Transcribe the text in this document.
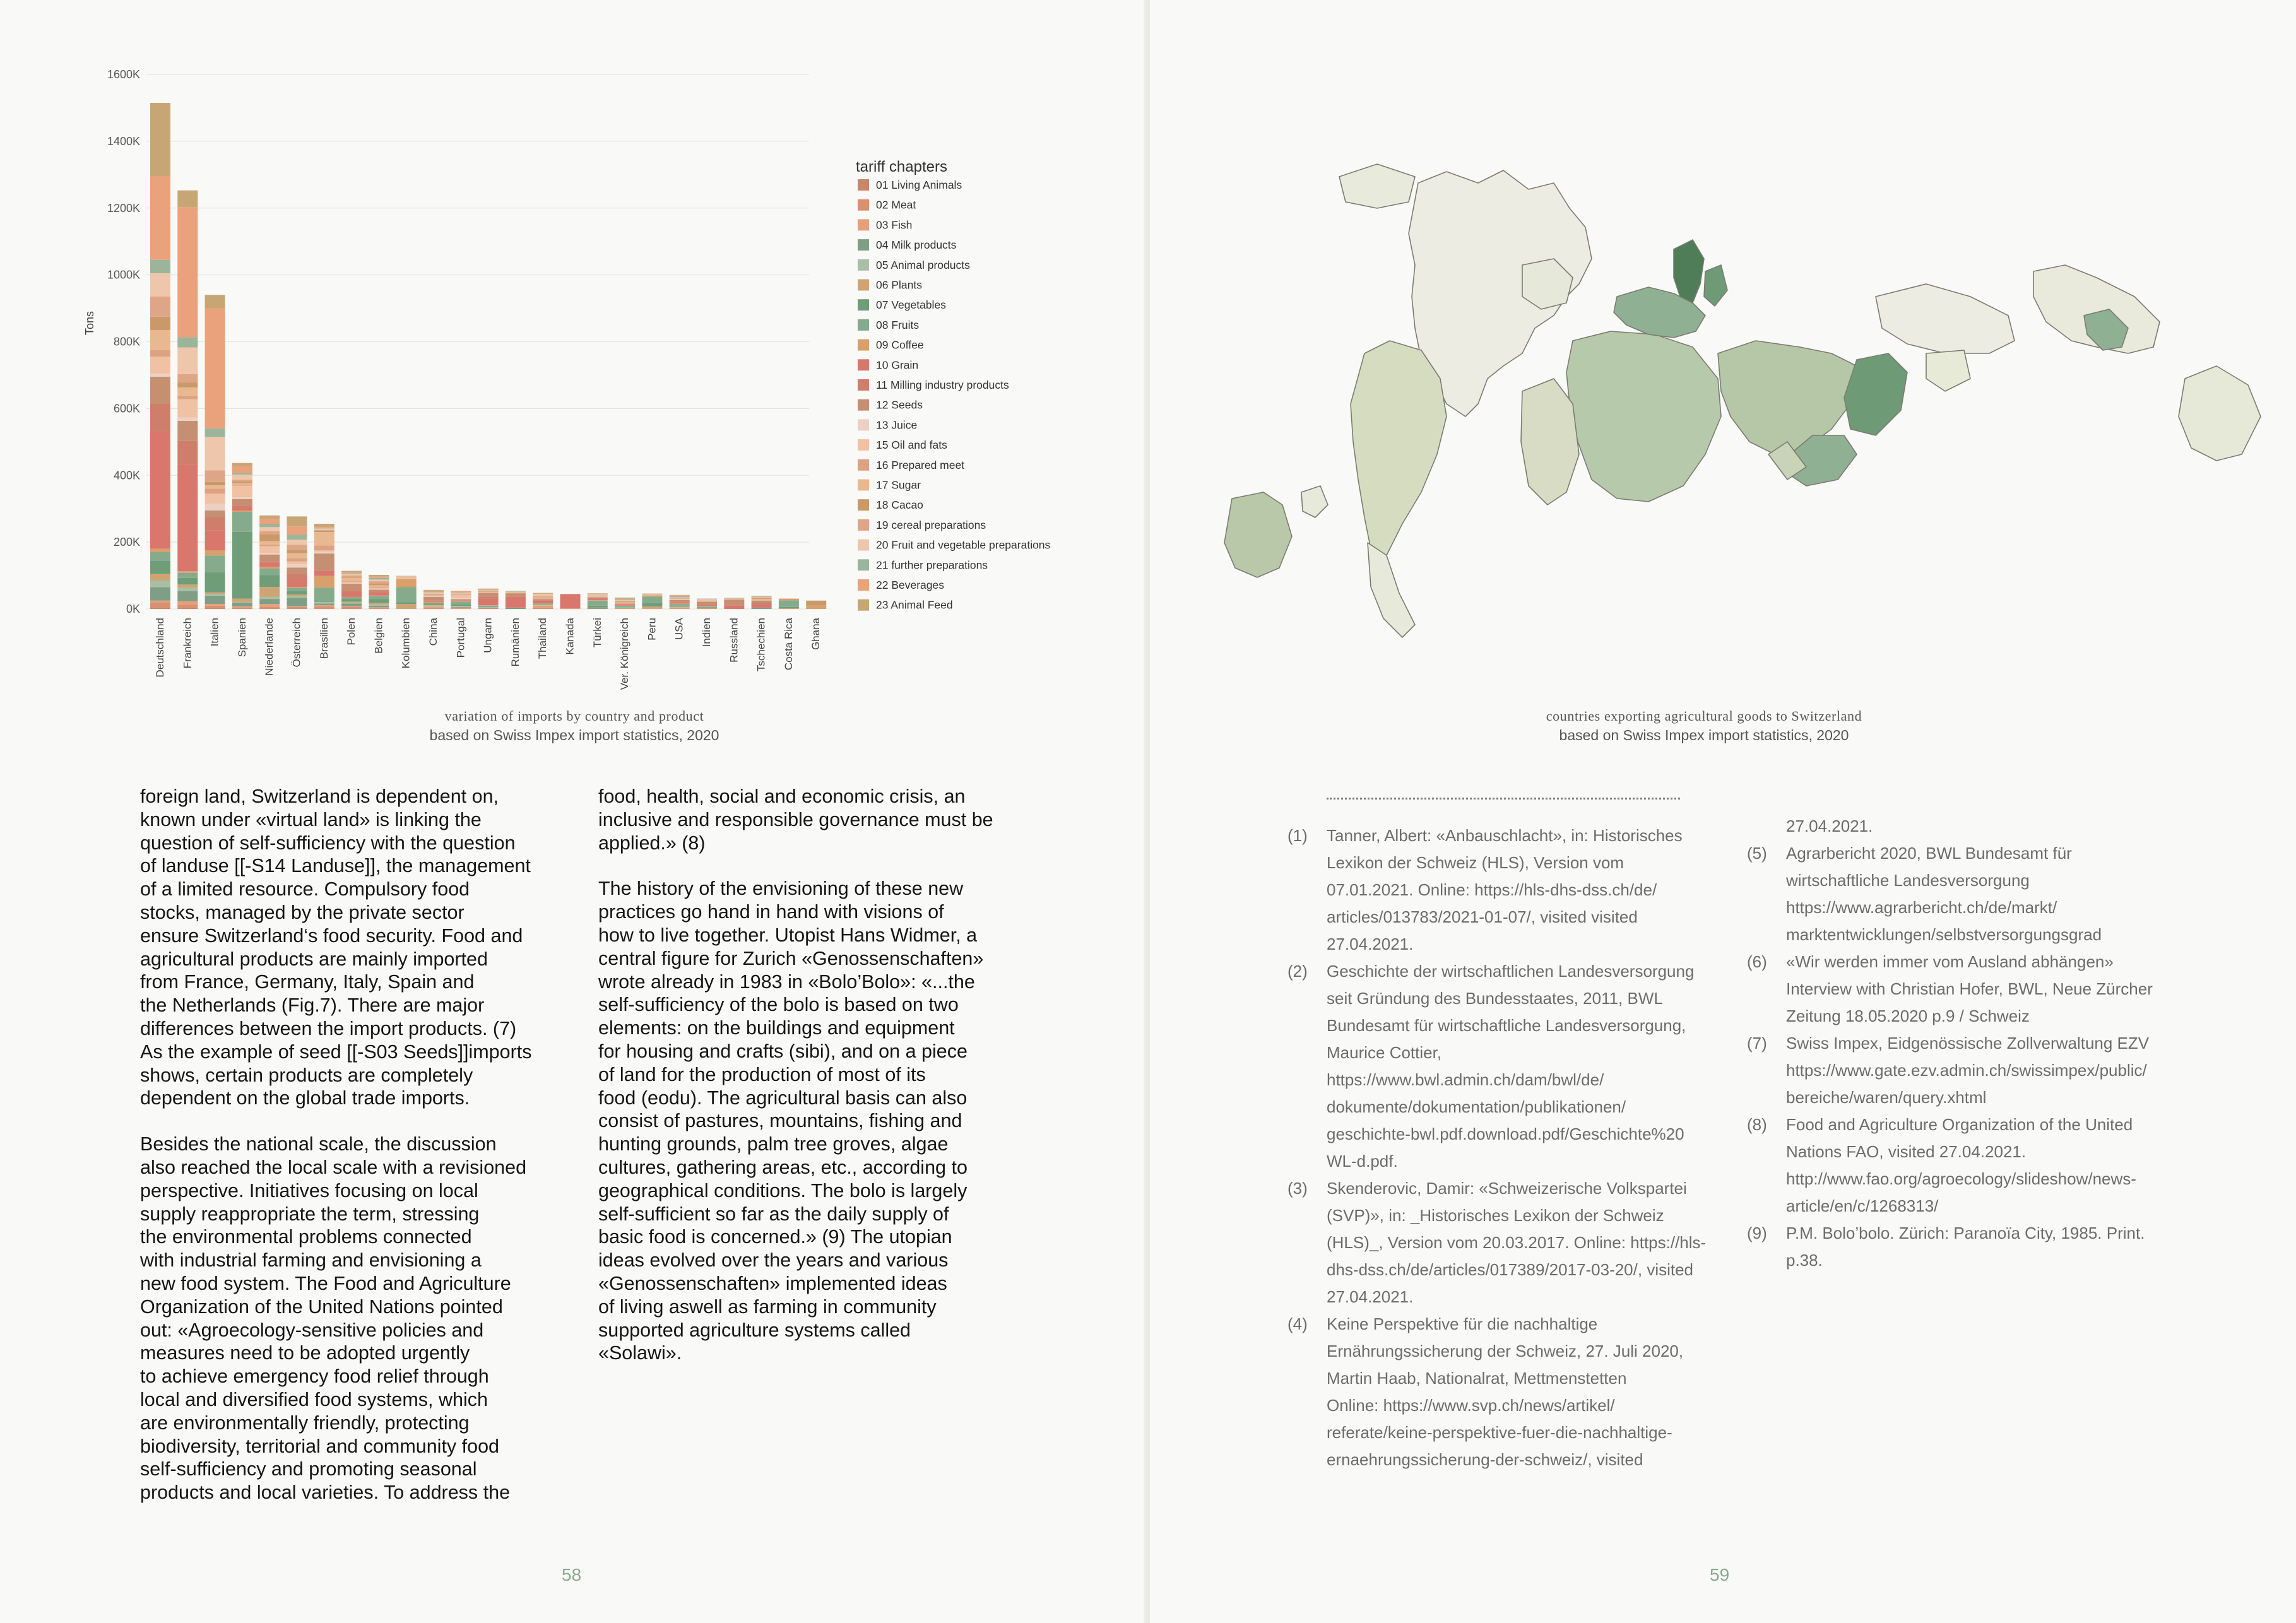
0K
200K
400K
600K
800K
1000K
1200K
1400K
1600K
Deutschland Frankreich Italien Spanien Niederlande Österreich Brasilien Polen Belgien Kolumbien China Portugal Ungarn Rumänien Thailand Kanada Türkei Ver. Königreich Peru USA Indien Russland Tschechien Costa Rica Ghana
Tons
tariff chapters
01 Living Animals
02 Meat
03 Fish
04 Milk products
05 Animal products
06 Plants
07 Vegetables
08 Fruits
09 Coffee
10 Grain
11 Milling industry products
12 Seeds
13 Juice
15 Oil and fats
16 Prepared meet
17 Sugar
18 Cacao
19 cereal preparations
20 Fruit and vegetable preparations
21 further preparations
22 Beverages
23 Animal Feed
variation of imports by country and product
based on Swiss Impex import statistics, 2020

foreign land, Switzerland is dependent on,
known under «virtual land» is linking the
question of self-sufficiency with the question
of landuse [[-S14 Landuse]], the management
of a limited resource. Compulsory food
stocks, managed by the private sector
ensure Switzerland‘s food security. Food and
agricultural products are mainly imported
from France, Germany, Italy, Spain and
the Netherlands (Fig.7). There are major
differences between the import products. (7)
As the example of seed [[-S03 Seeds]]imports
shows, certain products are completely
dependent on the global trade imports.

Besides the national scale, the discussion
also reached the local scale with a revisioned
perspective. Initiatives focusing on local
supply reappropriate the term, stressing
the environmental problems connected
with industrial farming and envisioning a
new food system. The Food and Agriculture
Organization of the United Nations pointed
out: «Agroecology-sensitive policies and
measures need to be adopted urgently
to achieve emergency food relief through
local and diversified food systems, which
are environmentally friendly, protecting
biodiversity, territorial and community food
self-sufficiency and promoting seasonal
products and local varieties. To address the

food, health, social and economic crisis, an
inclusive and responsible governance must be
applied.» (8)

The history of the envisioning of these new
practices go hand in hand with visions of
how to live together. Utopist Hans Widmer, a
central figure for Zurich «Genossenschaften»
wrote already in 1983 in «Bolo’Bolo»: «...the
self-sufficiency of the bolo is based on two
elements: on the buildings and equipment
for housing and crafts (sibi), and on a piece
of land for the production of most of its
food (eodu). The agricultural basis can also
consist of pastures, mountains, fishing and
hunting grounds, palm tree groves, algae
cultures, gathering areas, etc., according to
geographical conditions. The bolo is largely
self-sufficient so far as the daily supply of
basic food is concerned.» (9) The utopian
ideas evolved over the years and various
«Genossenschaften» implemented ideas
of living aswell as farming in community
supported agriculture systems called
«Solawi».

58
countries exporting agricultural goods to Switzerland
based on Swiss Impex import statistics, 2020
(1) Tanner, Albert: «Anbauschlacht», in: Historisches
Lexikon der Schweiz (HLS), Version vom
07.01.2021. Online: https://hls-dhs-dss.ch/de/
articles/013783/2021-01-07/, visited visited
27.04.2021.
(2) Geschichte der wirtschaftlichen Landesversorgung
seit Gründung des Bundesstaates, 2011, BWL
Bundesamt für wirtschaftliche Landesversorgung,
Maurice Cottier,
https://www.bwl.admin.ch/dam/bwl/de/
dokumente/dokumentation/publikationen/
geschichte-bwl.pdf.download.pdf/Geschichte%20
WL-d.pdf.
(3) Skenderovic, Damir: «Schweizerische Volkspartei
(SVP)», in: _Historisches Lexikon der Schweiz
(HLS)_, Version vom 20.03.2017. Online: https://hls-
dhs-dss.ch/de/articles/017389/2017-03-20/, visited
27.04.2021.
(4) Keine Perspektive für die nachhaltige
Ernährungssicherung der Schweiz, 27. Juli 2020,
Martin Haab, Nationalrat, Mettmenstetten
Online: https://www.svp.ch/news/artikel/
referate/keine-perspektive-fuer-die-nachhaltige-
ernaehrungssicherung-der-schweiz/, visited
27.04.2021.
(5) Agrarbericht 2020, BWL Bundesamt für
wirtschaftliche Landesversorgung
https://www.agrarbericht.ch/de/markt/
marktentwicklungen/selbstversorgungsgrad
(6) «Wir werden immer vom Ausland abhängen»
Interview with Christian Hofer, BWL, Neue Zürcher
Zeitung 18.05.2020 p.9 / Schweiz
(7) Swiss Impex, Eidgenössische Zollverwaltung EZV
https://www.gate.ezv.admin.ch/swissimpex/public/
bereiche/waren/query.xhtml
(8) Food and Agriculture Organization of the United
Nations FAO, visited 27.04.2021.
http://www.fao.org/agroecology/slideshow/news-
article/en/c/1268313/
(9) P.M. Bolo’bolo. Zürich: Paranoïa City, 1985. Print.
p.38.
59
